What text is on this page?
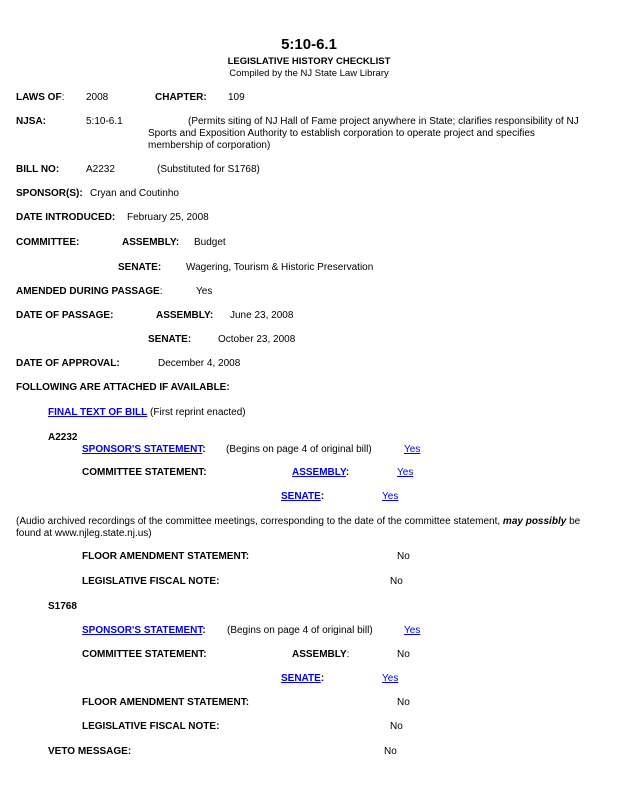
5:10-6.1
LEGISLATIVE HISTORY CHECKLIST
Compiled by the NJ State Law Library
LAWS OF: 2008	CHAPTER: 109
NJSA:	5:10-6.1	(Permits siting of NJ Hall of Fame project anywhere in State; clarifies responsibility of NJ Sports and Exposition Authority to establish corporation to operate project and specifies membership of corporation)
BILL NO:	A2232	(Substituted for S1768)
SPONSOR(S): Cryan and Coutinho
DATE INTRODUCED: February 25, 2008
COMMITTEE:	ASSEMBLY: Budget
SENATE: Wagering, Tourism & Historic Preservation
AMENDED DURING PASSAGE:	Yes
DATE OF PASSAGE:	ASSEMBLY: June 23, 2008
SENATE:	October 23, 2008
DATE OF APPROVAL:	December 4, 2008
FOLLOWING ARE ATTACHED IF AVAILABLE:
FINAL TEXT OF BILL (First reprint enacted)
A2232
SPONSOR'S STATEMENT: (Begins on page 4 of original bill)	Yes
COMMITTEE STATEMENT:	ASSEMBLY:	Yes
SENATE:	Yes
(Audio archived recordings of the committee meetings, corresponding to the date of the committee statement, may possibly be found at www.njleg.state.nj.us)
FLOOR AMENDMENT STATEMENT:	No
LEGISLATIVE FISCAL NOTE:	No
S1768
SPONSOR'S STATEMENT: (Begins on page 4 of original bill)	Yes
COMMITTEE STATEMENT:	ASSEMBLY:	No
SENATE:	Yes
FLOOR AMENDMENT STATEMENT:	No
LEGISLATIVE FISCAL NOTE:	No
VETO MESSAGE:	No
